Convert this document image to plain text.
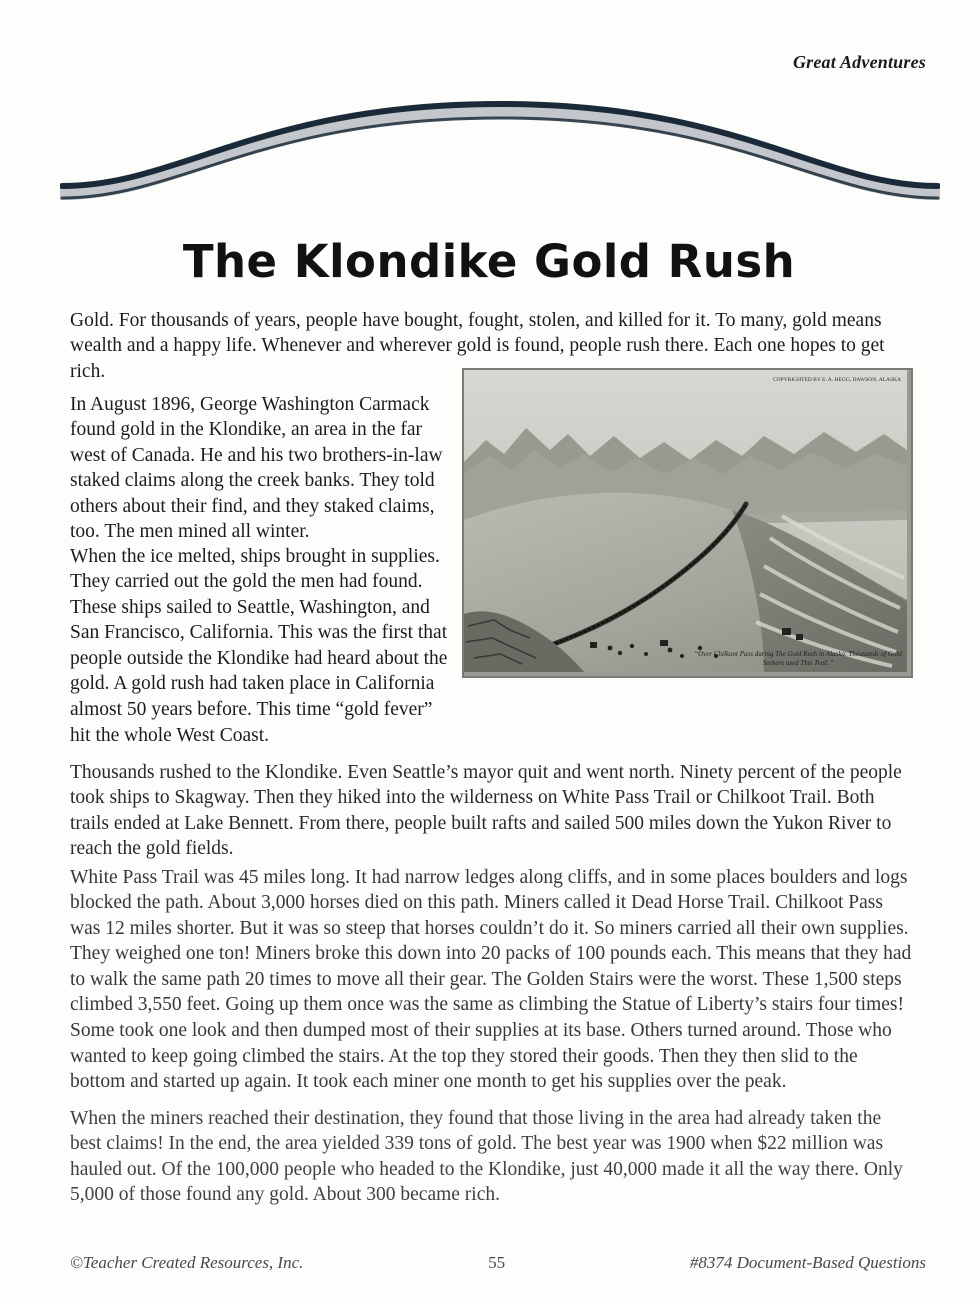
Great Adventures
The Klondike Gold Rush

Gold. For thousands of years, people have bought, fought, stolen, and killed for it. To many, gold means wealth and a happy life. Whenever and wherever gold is found, people rush there. Each one hopes to get rich.

In August 1896, George Washington Carmack found gold in the Klondike, an area in the far west of Canada. He and his two brothers-in-law staked claims along the creek banks. They told others about their find, and they staked claims, too. The men mined all winter.

When the ice melted, ships brought in supplies. They carried out the gold the men had found. These ships sailed to Seattle, Washington, and San Francisco, California. This was the first that people outside the Klondike had heard about the gold. A gold rush had taken place in California almost 50 years before. This time “gold fever” hit the whole West Coast.

COPYRIGHTED BY E. A. HEGG, DAWSON, ALASKA
“Over Chilkoot Pass during The Gold Rush in Alaska. Thousands of Gold Seekers used This Trail.”

Thousands rushed to the Klondike. Even Seattle’s mayor quit and went north. Ninety percent of the people took ships to Skagway. Then they hiked into the wilderness on White Pass Trail or Chilkoot Trail. Both trails ended at Lake Bennett. From there, people built rafts and sailed 500 miles down the Yukon River to reach the gold fields.

White Pass Trail was 45 miles long. It had narrow ledges along cliffs, and in some places boulders and logs blocked the path. About 3,000 horses died on this path. Miners called it Dead Horse Trail. Chilkoot Pass was 12 miles shorter. But it was so steep that horses couldn’t do it. So miners carried all their own supplies. They weighed one ton! Miners broke this down into 20 packs of 100 pounds each. This means that they had to walk the same path 20 times to move all their gear. The Golden Stairs were the worst. These 1,500 steps climbed 3,550 feet. Going up them once was the same as climbing the Statue of Liberty’s stairs four times! Some took one look and then dumped most of their supplies at its base. Others turned around. Those who wanted to keep going climbed the stairs. At the top they stored their goods. Then they then slid to the bottom and started up again. It took each miner one month to get his supplies over the peak.

When the miners reached their destination, they found that those living in the area had already taken the best claims! In the end, the area yielded 339 tons of gold. The best year was 1900 when $22 million was hauled out. Of the 100,000 people who headed to the Klondike, just 40,000 made it all the way there. Only 5,000 of those found any gold. About 300 became rich.

©Teacher Created Resources, Inc.	55	#8374 Document-Based Questions
